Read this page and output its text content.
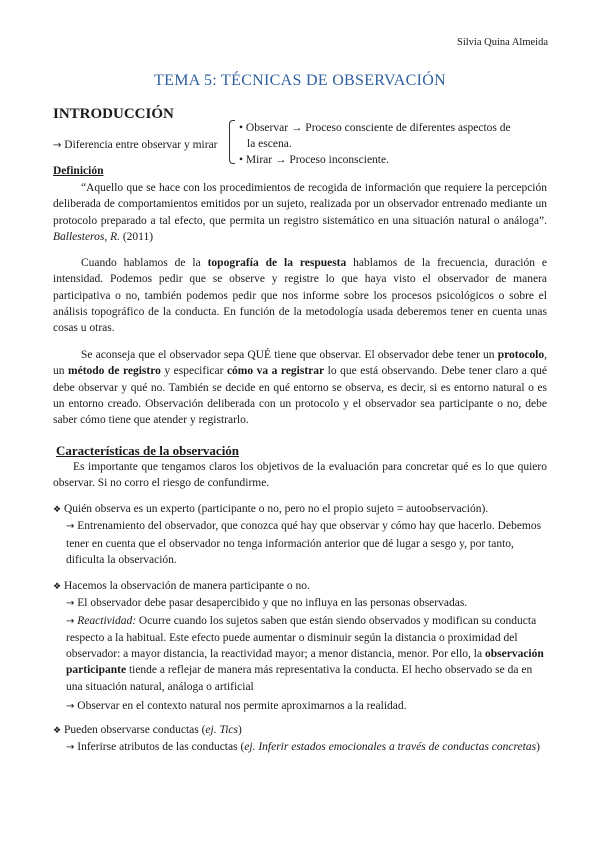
Silvia Quina Almeida
TEMA 5: TÉCNICAS DE OBSERVACIÓN
INTRODUCCIÓN
→ Diferencia entre observar y mirar
• Observar → Proceso consciente de diferentes aspectos de
la escena.
• Mirar → Proceso inconsciente.
Definición
“Aquello que se hace con los procedimientos de recogida de información que requiere la percepción deliberada de comportamientos emitidos por un sujeto, realizada por un observador entrenado mediante un protocolo preparado a tal efecto, que permita un registro sistemático en una situación natural o análoga”. Ballesteros, R. (2011)
Cuando hablamos de la topografía de la respuesta hablamos de la frecuencia, duración e intensidad. Podemos pedir que se observe y registre lo que haya visto el observador de manera participativa o no, también podemos pedir que nos informe sobre los procesos psicológicos o sobre el análisis topográfico de la conducta. En función de la metodología usada deberemos tener en cuenta unas cosas u otras.
Se aconseja que el observador sepa QUÉ tiene que observar. El observador debe tener un protocolo, un método de registro y especificar cómo va a registrar lo que está observando. Debe tener claro a qué debe observar y qué no. También se decide en qué entorno se observa, es decir, si es entorno natural o es un entorno creado. Observación deliberada con un protocolo y el observador sea participante o no, debe saber cómo tiene que atender y registrarlo.
Características de la observación
Es importante que tengamos claros los objetivos de la evaluación para concretar qué es lo que quiero observar. Si no corro el riesgo de confundirme.
❖ Quién observa es un experto (participante o no, pero no el propio sujeto = autoobservación).
→ Entrenamiento del observador, que conozca qué hay que observar y cómo hay que hacerlo. Debemos tener en cuenta que el observador no tenga información anterior que dé lugar a sesgo y, por tanto, dificulta la observación.
❖ Hacemos la observación de manera participante o no.
→ El observador debe pasar desapercibido y que no influya en las personas observadas.
→ Reactividad: Ocurre cuando los sujetos saben que están siendo observados y modifican su conducta respecto a la habitual. Este efecto puede aumentar o disminuir según la distancia o proximidad del observador: a mayor distancia, la reactividad mayor; a menor distancia, menor. Por ello, la observación participante tiende a reflejar de manera más representativa la conducta. El hecho observado se da en una situación natural, análoga o artificial
→ Observar en el contexto natural nos permite aproximarnos a la realidad.
❖ Pueden observarse conductas (ej. Tics)
→ Inferirse atributos de las conductas (ej. Inferir estados emocionales a través de conductas concretas)
